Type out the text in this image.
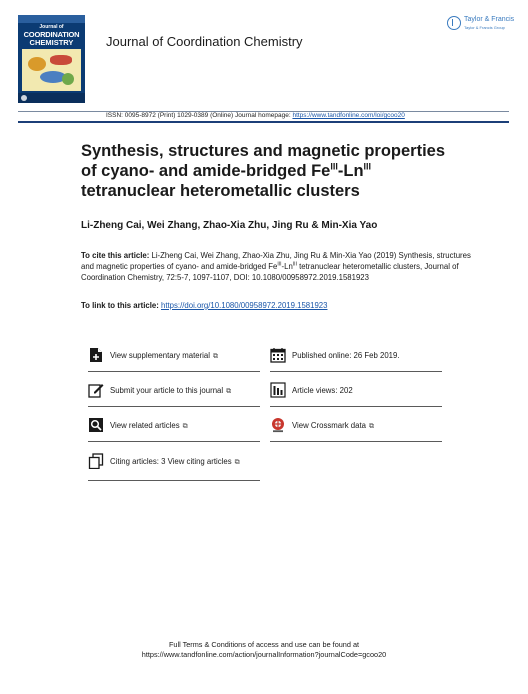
Journal of
COORDINATION
CHEMISTRY	Journal of Coordination Chemistry
Taylor & Francis
Taylor & Francis Group
ISSN: 0095-8972 (Print) 1029-0389 (Online) Journal homepage: https://www.tandfonline.com/loi/gcoo20
Synthesis, structures and magnetic properties of cyano- and amide-bridged $Fe^{III}-Ln^{III}$ tetranuclear heterometallic clusters
Li-Zheng Cai, Wei Zhang, Zhao-Xia Zhu, Jing Ru & Min-Xia Yao
To cite this article: Li-Zheng Cai, Wei Zhang, Zhao-Xia Zhu, Jing Ru & Min-Xia Yao (2019) Synthesis, structures and magnetic properties of cyano- and amide-bridged $Fe^{III}-Ln^{III}$ tetranuclear heterometallic clusters, Journal of Coordination Chemistry, 72:5-7, 1097-1107, DOI: 10.1080/00958972.2019.1581923
To link to this article: https://doi.org/10.1080/00958972.2019.1581923
View supplementary material ⧉	Published online: 26 Feb 2019.
Submit your article to this journal ⧉	Article views: 202
View related articles ⧉	View Crossmark data ⧉
Citing articles: 3 View citing articles ⧉
Full Terms & Conditions of access and use can be found at
https://www.tandfonline.com/action/journalInformation?journalCode=gcoo20
